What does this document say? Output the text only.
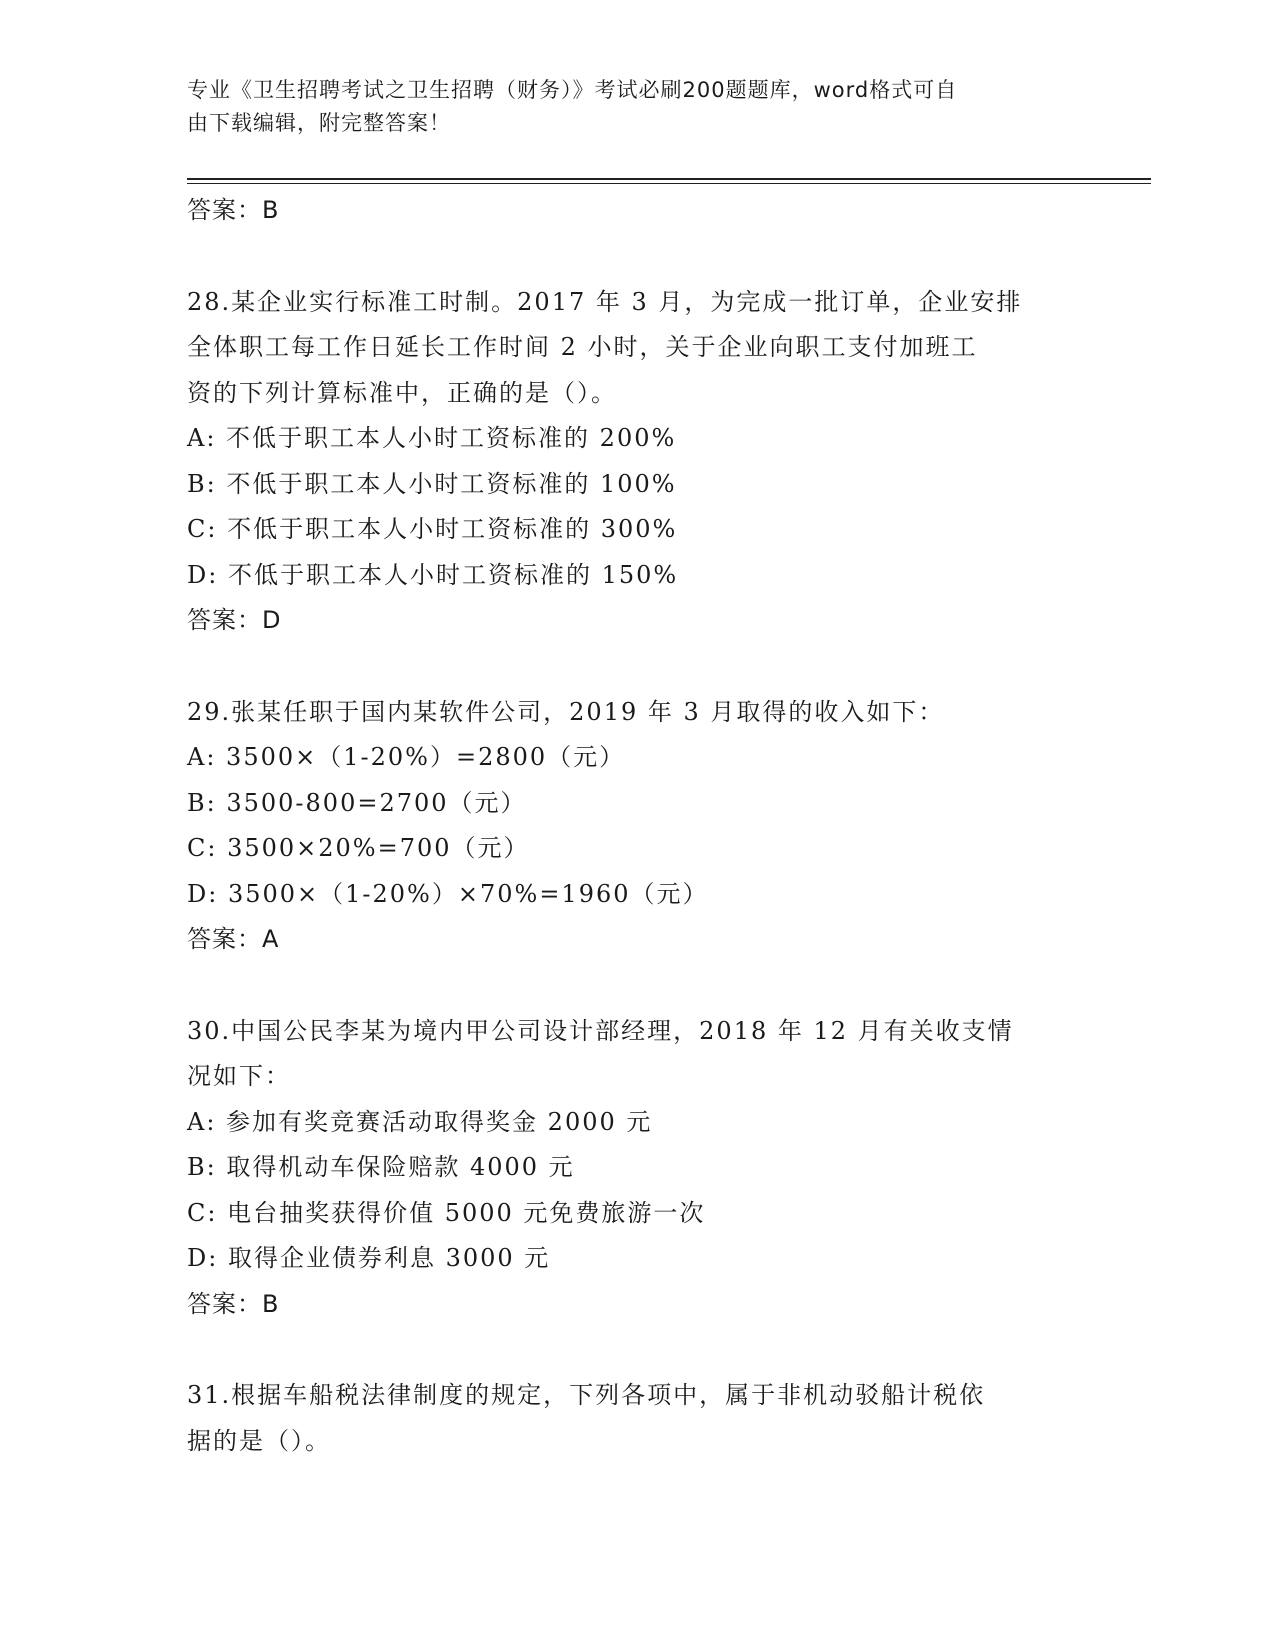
专业《卫生招聘考试之卫生招聘（财务）》考试必刷200题题库，word格式可自
由下载编辑，附完整答案！
答案：B
28.某企业实行标准工时制。2017 年 3 月，为完成一批订单，企业安排
全体职工每工作日延长工作时间 2 小时，关于企业向职工支付加班工
资的下列计算标准中，正确的是（）。
A: 不低于职工本人小时工资标准的 200%
B: 不低于职工本人小时工资标准的 100%
C: 不低于职工本人小时工资标准的 300%
D: 不低于职工本人小时工资标准的 150%
答案：D
29.张某任职于国内某软件公司，2019 年 3 月取得的收入如下：
A: 3500×（1-20%）=2800（元）
B: 3500-800=2700（元）
C: 3500×20%=700（元）
D: 3500×（1-20%）×70%=1960（元）
答案：A
30.中国公民李某为境内甲公司设计部经理，2018 年 12 月有关收支情
况如下：
A: 参加有奖竞赛活动取得奖金 2000 元
B: 取得机动车保险赔款 4000 元
C: 电台抽奖获得价值 5000 元免费旅游一次
D: 取得企业债券利息 3000 元
答案：B
31.根据车船税法律制度的规定，下列各项中，属于非机动驳船计税依
据的是（）。
